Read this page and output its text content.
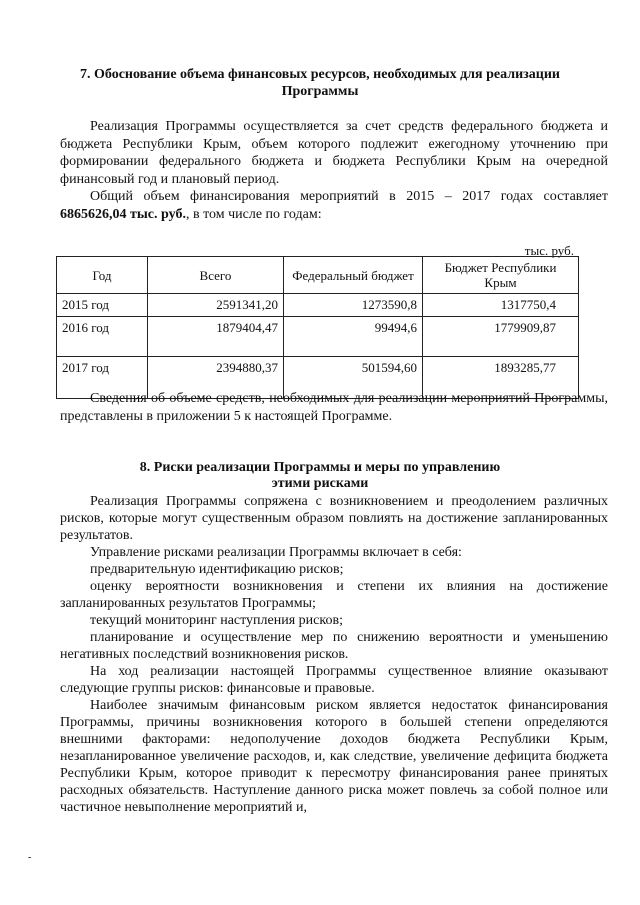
7. Обоснование объема финансовых ресурсов, необходимых для реализации Программы

Реализация Программы осуществляется за счет средств федерального бюджета и бюджета Республики Крым, объем которого подлежит ежегодному уточнению при формировании федерального бюджета и бюджета Республики Крым на очередной финансовый год и плановый период.

Общий объем финансирования мероприятий в 2015 – 2017 годах составляет 6865626,04 тыс. руб., в том числе по годам:

тыс. руб.
Год	Всего	Федеральный бюджет	Бюджет Республики Крым
2015 год	2591341,20	1273590,8	1317750,4
2016 год	1879404,47	99494,6	1779909,87
2017 год	2394880,37	501594,60	1893285,77

Сведения об объеме средств, необходимых для реализации мероприятий Программы, представлены в приложении 5 к настоящей Программе.

8. Риски реализации Программы и меры по управлению
этими рисками

Реализация Программы сопряжена с возникновением и преодолением различных рисков, которые могут существенным образом повлиять на достижение запланированных результатов.

Управление рисками реализации Программы включает в себя:

предварительную идентификацию рисков;

оценку вероятности возникновения и степени их влияния на достижение запланированных результатов Программы;

текущий мониторинг наступления рисков;

планирование и осуществление мер по снижению вероятности и уменьшению негативных последствий возникновения рисков.

На ход реализации настоящей Программы существенное влияние оказывают следующие группы рисков: финансовые и правовые.

Наиболее значимым финансовым риском является недостаток финансирования Программы, причины возникновения которого в большей степени определяются внешними факторами: недополучение доходов бюджета Республики Крым, незапланированное увеличение расходов, и, как следствие, увеличение дефицита бюджета Республики Крым, которое приводит к пересмотру финансирования ранее принятых расходных обязательств. Наступление данного риска может повлечь за собой полное или частичное невыполнение мероприятий и,

-
